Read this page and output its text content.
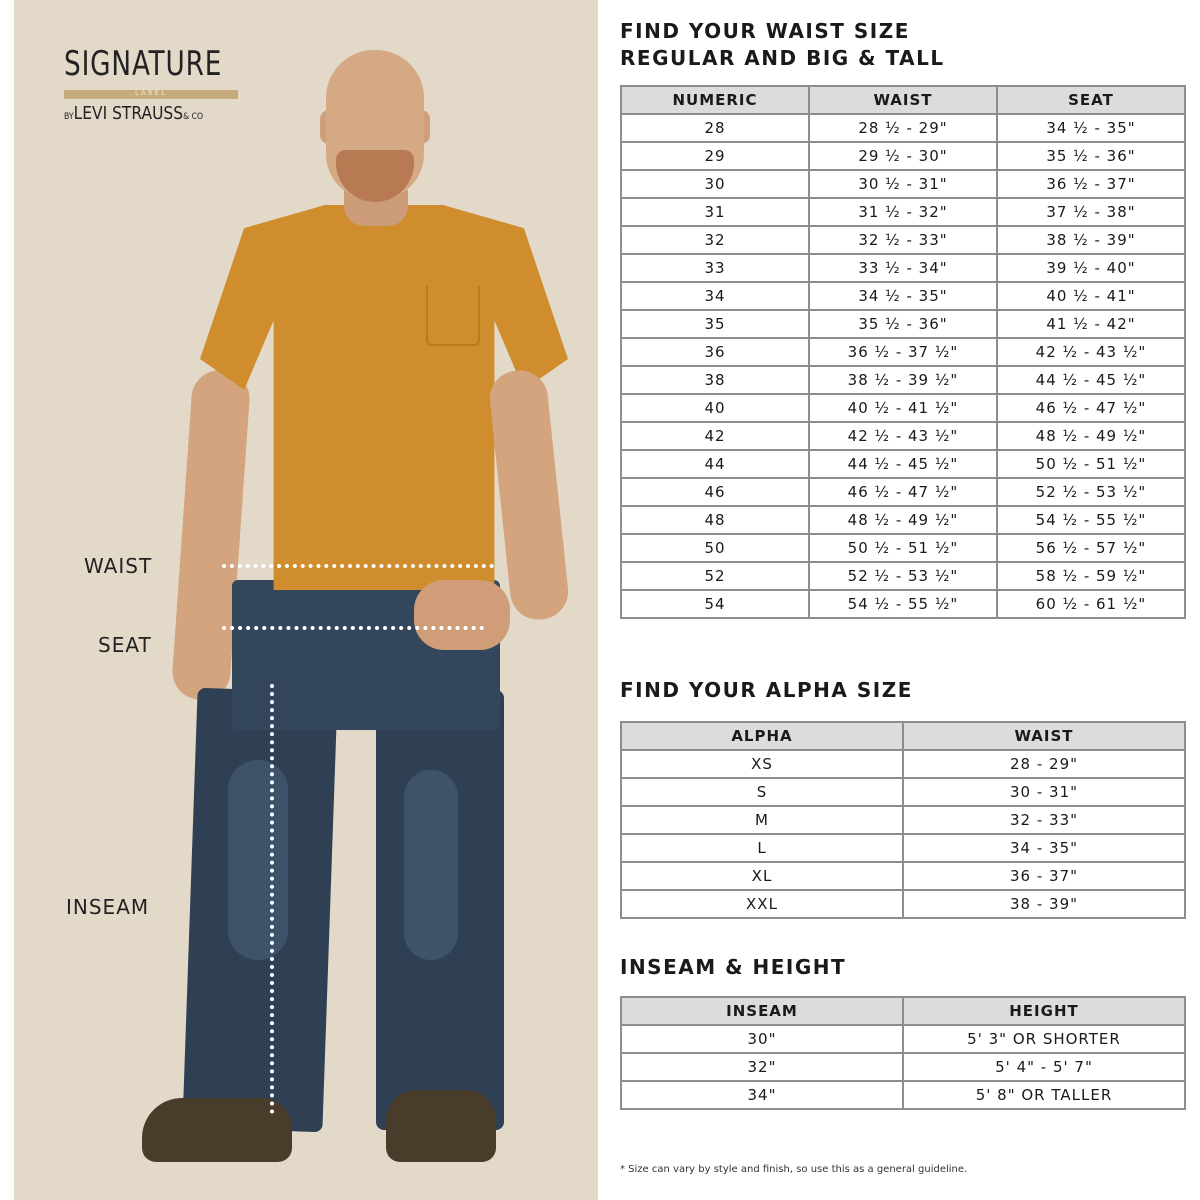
SIGNATURE
LABEL
BYLEVI STRAUSS& CO
WAIST
SEAT
INSEAM
FIND YOUR WAIST SIZE
REGULAR AND BIG & TALL
NUMERIC	WAIST	SEAT
28	28 ½ - 29"	34 ½ - 35"
29	29 ½ - 30"	35 ½ - 36"
30	30 ½ - 31"	36 ½ - 37"
31	31 ½ - 32"	37 ½ - 38"
32	32 ½ - 33"	38 ½ - 39"
33	33 ½ - 34"	39 ½ - 40"
34	34 ½ - 35"	40 ½ - 41"
35	35 ½ - 36"	41 ½ - 42"
36	36 ½ - 37 ½"	42 ½ - 43 ½"
38	38 ½ - 39 ½"	44 ½ - 45 ½"
40	40 ½ - 41 ½"	46 ½ - 47 ½"
42	42 ½ - 43 ½"	48 ½ - 49 ½"
44	44 ½ - 45 ½"	50 ½ - 51 ½"
46	46 ½ - 47 ½"	52 ½ - 53 ½"
48	48 ½ - 49 ½"	54 ½ - 55 ½"
50	50 ½ - 51 ½"	56 ½ - 57 ½"
52	52 ½ - 53 ½"	58 ½ - 59 ½"
54	54 ½ - 55 ½"	60 ½ - 61 ½"
FIND YOUR ALPHA SIZE
ALPHA	WAIST
XS	28 - 29"
S	30 - 31"
M	32 - 33"
L	34 - 35"
XL	36 - 37"
XXL	38 - 39"
INSEAM & HEIGHT
INSEAM	HEIGHT
30"	5' 3" OR SHORTER
32"	5' 4" - 5' 7"
34"	5' 8" OR TALLER
* Size can vary by style and finish, so use this as a general guideline.
